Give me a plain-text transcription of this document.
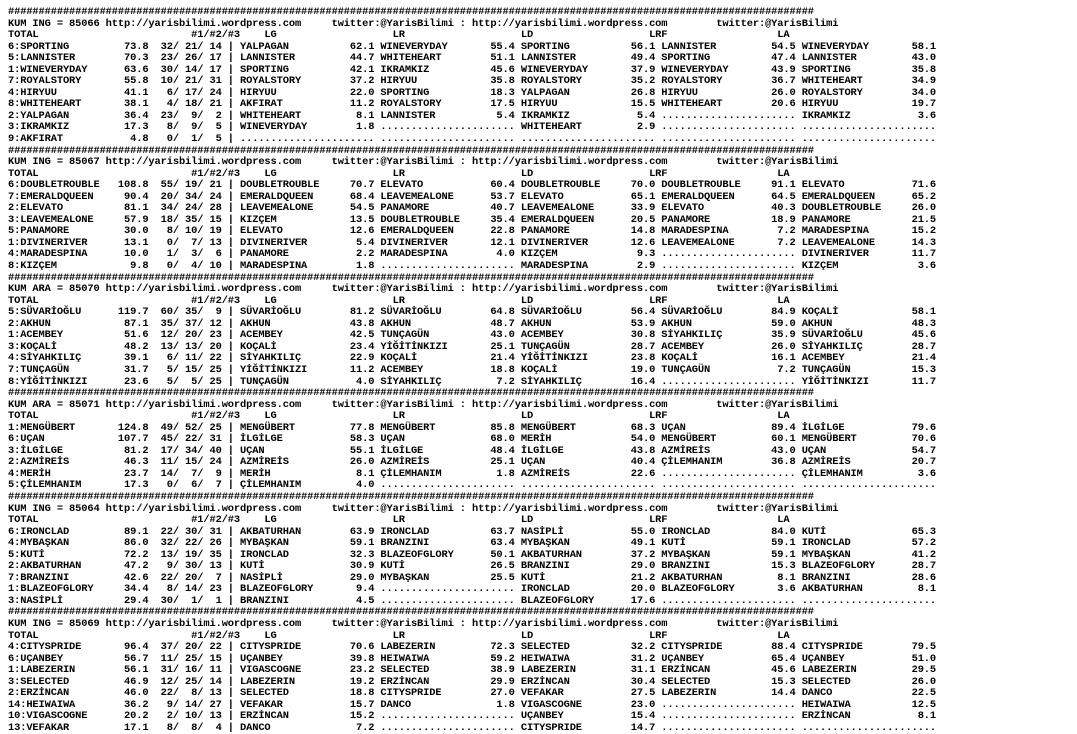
####################################################################################################################################
KUM ING = 85066 http://yarisbilimi.wordpress.com     twitter:@YarisBilimi : http://yarisbilimi.wordpress.com        twitter:@YarisBilimi
TOTAL                         #1/#2/#3    LG                   LR                   LD                   LRF                  LA
6:SPORTING         73.8  32/ 21/ 14 | YALPAGAN          62.1 WINEVERYDAY       55.4 SPORTING          56.1 LANNISTER         54.5 WINEVERYDAY       58.1
5:LANNISTER        70.3  23/ 26/ 17 | LANNISTER         44.7 WHITEHEART        51.1 LANNISTER         49.4 SPORTING          47.4 LANNISTER         43.0
1:WINEVERYDAY      63.6  30/ 14/ 17 | SPORTING          42.1 IKRAMKIZ          45.6 WINEVERYDAY       37.9 WINEVERYDAY       43.9 SPORTING          35.8
7:ROYALSTORY       55.8  10/ 21/ 31 | ROYALSTORY        37.2 HIRYUU            35.8 ROYALSTORY        35.2 ROYALSTORY        36.7 WHITEHEART        34.9
4:HIRYUU           41.1   6/ 17/ 24 | HIRYUU            22.0 SPORTING          18.3 YALPAGAN          26.8 HIRYUU            26.0 ROYALSTORY        34.0
8:WHITEHEART       38.1   4/ 18/ 21 | AKFIRAT           11.2 ROYALSTORY        17.5 HIRYUU            15.5 WHITEHEART        20.6 HIRYUU            19.7
2:YALPAGAN         36.4  23/  9/  2 | WHITEHEART         8.1 LANNISTER          5.4 IKRAMKIZ           5.4 ...................... IKRAMKIZ           3.6
3:IKRAMKIZ         17.3   8/  9/  5 | WINEVERYDAY        1.8 ...................... WHITEHEART         2.9 ...................... ......................
9:AKFIRAT           4.8   0/  1/  5 | ...................... ...................... ...................... ...................... ......................
####################################################################################################################################
KUM ING = 85067 http://yarisbilimi.wordpress.com     twitter:@YarisBilimi : http://yarisbilimi.wordpress.com        twitter:@YarisBilimi
TOTAL                         #1/#2/#3    LG                   LR                   LD                   LRF                  LA
6:DOUBLETROUBLE   108.8  55/ 19/ 21 | DOUBLETROUBLE     70.7 ELEVATO           60.4 DOUBLETROUBLE     70.0 DOUBLETROUBLE     91.1 ELEVATO           71.6
7:EMERALDQUEEN     90.4  20/ 34/ 24 | EMERALDQUEEN      68.4 LEAVEMEALONE      53.7 ELEVATO           65.1 EMERALDQUEEN      64.5 EMERALDQUEEN      65.2
2:ELEVATO          81.1  34/ 24/ 28 | LEAVEMEALONE      54.5 PANAMORE          40.7 LEAVEMEALONE      33.9 ELEVATO           40.3 DOUBLETROUBLE     26.0
3:LEAVEMEALONE     57.9  18/ 35/ 15 | KIZÇEM            13.5 DOUBLETROUBLE     35.4 EMERALDQUEEN      20.5 PANAMORE          18.9 PANAMORE          21.5
5:PANAMORE         30.0   8/ 10/ 19 | ELEVATO           12.6 EMERALDQUEEN      22.8 PANAMORE          14.8 MARADESPINA        7.2 MARADESPINA       15.2
1:DIVINERIVER      13.1   0/  7/ 13 | DIVINERIVER        5.4 DIVINERIVER       12.1 DIVINERIVER       12.6 LEAVEMEALONE       7.2 LEAVEMEALONE      14.3
4:MARADESPINA      10.0   1/  3/  6 | PANAMORE           2.2 MARADESPINA        4.0 KIZÇEM             9.3 ...................... DIVINERIVER       11.7
8:KIZÇEM            9.8   0/  4/ 10 | MARADESPINA        1.8 ...................... MARADESPINA        2.9 ...................... KIZÇEM             3.6
####################################################################################################################################
KUM ARA = 85070 http://yarisbilimi.wordpress.com     twitter:@YarisBilimi : http://yarisbilimi.wordpress.com        twitter:@YarisBilimi
TOTAL                         #1/#2/#3    LG                   LR                   LD                   LRF                  LA
5:SÜVARİOĞLU      119.7  60/ 35/  9 | SÜVARİOĞLU        81.2 SÜVARİOĞLU        64.8 SÜVARİOĞLU        56.4 SÜVARİOĞLU        84.9 KOÇALİ            58.1
2:AKHUN            87.1  35/ 37/ 12 | AKHUN             43.8 AKHUN             48.7 AKHUN             53.9 AKHUN             59.0 AKHUN             48.3
1:ACEMBEY          51.6  12/ 20/ 23 | ACEMBEY           42.5 TUNÇAGÜN          43.0 ACEMBEY           30.8 SİYAHKILIÇ        35.9 SÜVARİOĞLU        45.6
3:KOÇALİ           48.2  13/ 13/ 20 | KOÇALİ            23.4 YİĞİTİNKIZI       25.1 TUNÇAGÜN          28.7 ACEMBEY           26.0 SİYAHKILIÇ        28.7
4:SİYAHKILIÇ       39.1   6/ 11/ 22 | SİYAHKILIÇ        22.9 KOÇALİ            21.4 YİĞİTİNKIZI       23.8 KOÇALİ            16.1 ACEMBEY           21.4
7:TUNÇAGÜN         31.7   5/ 15/ 25 | YİĞİTİNKIZI       11.2 ACEMBEY           18.8 KOÇALİ            19.0 TUNÇAGÜN           7.2 TUNÇAGÜN          15.3
8:YİĞİTİNKIZI      23.6   5/  5/ 25 | TUNÇAGÜN           4.0 SİYAHKILIÇ         7.2 SİYAHKILIÇ        16.4 ...................... YİĞİTİNKIZI       11.7
####################################################################################################################################
KUM ARA = 85071 http://yarisbilimi.wordpress.com     twitter:@YarisBilimi : http://yarisbilimi.wordpress.com        twitter:@YarisBilimi
TOTAL                         #1/#2/#3    LG                   LR                   LD                   LRF                  LA
1:MENGÜBERT       124.8  49/ 52/ 25 | MENGÜBERT         77.8 MENGÜBERT         85.8 MENGÜBERT         68.3 UÇAN              89.4 İLGİLGE           79.6
6:UÇAN            107.7  45/ 22/ 31 | İLGİLGE           58.3 UÇAN              68.0 MERİH             54.0 MENGÜBERT         60.1 MENGÜBERT         70.6
3:İLGİLGE          81.2  17/ 34/ 40 | UÇAN              55.1 İLGİLGE           48.4 İLGİLGE           43.8 AZMİREİS          43.0 UÇAN              54.7
2:AZMİREİS         46.3  11/ 15/ 24 | AZMİREİS          26.0 AZMİREİS          25.1 UÇAN              40.4 ÇİLEMHANIM        36.8 AZMİREİS          20.7
4:MERİH            23.7  14/  7/  9 | MERİH              8.1 ÇİLEMHANIM         1.8 AZMİREİS          22.6 ...................... ÇİLEMHANIM         3.6
5:ÇİLEMHANIM       17.3   0/  6/  7 | ÇİLEMHANIM         4.0 ...................... ...................... ...................... ......................
####################################################################################################################################
KUM ING = 85064 http://yarisbilimi.wordpress.com     twitter:@YarisBilimi : http://yarisbilimi.wordpress.com        twitter:@YarisBilimi
TOTAL                         #1/#2/#3    LG                   LR                   LD                   LRF                  LA
6:IRONCLAD         89.1  22/ 30/ 31 | AKBATURHAN        63.9 IRONCLAD          63.7 NASİPLİ           55.0 IRONCLAD          84.0 KUTİ              65.3
4:MYBAŞKAN         86.0  32/ 22/ 26 | MYBAŞKAN          59.1 BRANZINI          63.4 MYBAŞKAN          49.1 KUTİ              59.1 IRONCLAD          57.2
5:KUTİ             72.2  13/ 19/ 35 | IRONCLAD          32.3 BLAZEOFGLORY      50.1 AKBATURHAN        37.2 MYBAŞKAN          59.1 MYBAŞKAN          41.2
2:AKBATURHAN       47.2   9/ 30/ 13 | KUTİ              30.9 KUTİ              26.5 BRANZINI          29.0 BRANZINI          15.3 BLAZEOFGLORY      28.7
7:BRANZINI         42.6  22/ 20/  7 | NASİPLİ           29.0 MYBAŞKAN          25.5 KUTİ              21.2 AKBATURHAN         8.1 BRANZINI          28.6
1:BLAZEOFGLORY     34.4   8/ 14/ 23 | BLAZEOFGLORY       9.4 ...................... IRONCLAD          20.0 BLAZEOFGLORY       3.6 AKBATURHAN         8.1
3:NASİPLİ          29.4  30/  1/  1 | BRANZINI           4.5 ...................... BLAZEOFGLORY      17.6 ...................... ......................
####################################################################################################################################
KUM ING = 85069 http://yarisbilimi.wordpress.com     twitter:@YarisBilimi : http://yarisbilimi.wordpress.com        twitter:@YarisBilimi
TOTAL                         #1/#2/#3    LG                   LR                   LD                   LRF                  LA
4:CITYSPRIDE       96.4  37/ 20/ 22 | CITYSPRIDE        70.6 LABEZERIN         72.3 SELECTED          32.2 CITYSPRIDE        88.4 CITYSPRIDE        79.5
6:UÇANBEY          56.7  11/ 25/ 15 | UÇANBEY           39.8 HEIWAIWA          59.2 HEIWAIWA          31.2 UÇANBEY           65.4 UÇANBEY           51.0
1:LABEZERIN        56.1  31/ 16/ 11 | VIGASCOGNE        23.2 SELECTED          38.9 LABEZERIN         31.1 ERZİNCAN          45.6 LABEZERIN         29.5
3:SELECTED         46.9  12/ 25/ 14 | LABEZERIN         19.2 ERZİNCAN          29.9 ERZİNCAN          30.4 SELECTED          15.3 SELECTED          26.0
2:ERZİNCAN         46.0  22/  8/ 13 | SELECTED          18.8 CITYSPRIDE        27.0 VEFAKAR           27.5 LABEZERIN         14.4 DANCO             22.5
14:HEIWAIWA        36.2   9/ 14/ 27 | VEFAKAR           15.7 DANCO              1.8 VIGASCOGNE        23.0 ...................... HEIWAIWA          12.5
10:VIGASCOGNE      20.2   2/ 10/ 13 | ERZİNCAN          15.2 ...................... UÇANBEY           15.4 ...................... ERZİNCAN           8.1
13:VEFAKAR         17.1   8/  8/  4 | DANCO              7.2 ...................... CITYSPRIDE        14.7 ...................... ......................
